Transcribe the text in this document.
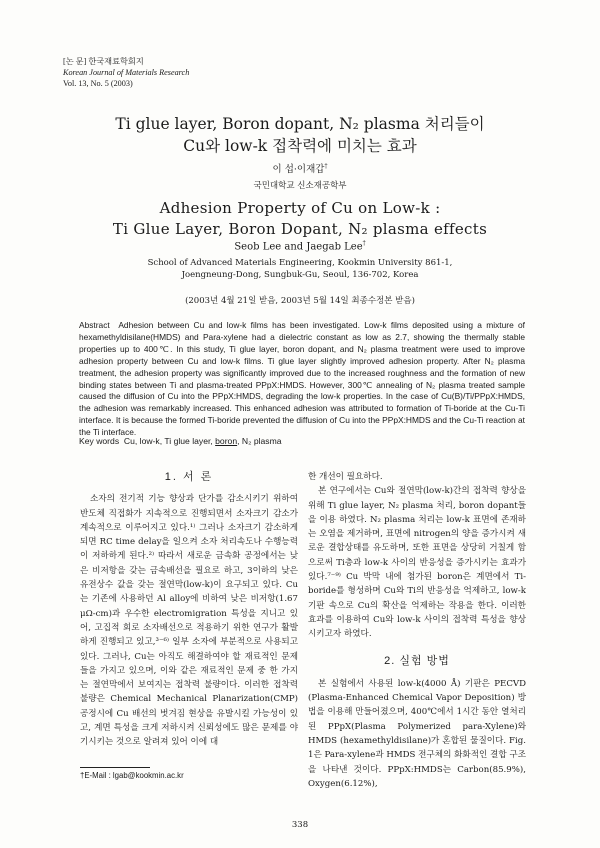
[논 문] 한국재료학회지
Korean Journal of Materials Research
Vol. 13, No. 5 (2003)
Ti glue layer, Boron dopant, N₂ plasma 처리들이
Cu와 low-k 접착력에 미치는 효과
이 섭·이재갑†
국민대학교 신소재공학부
Adhesion Property of Cu on Low-k :
Ti Glue Layer, Boron Dopant, N₂ plasma effects
Seob Lee and Jaegab Lee†
School of Advanced Materials Engineering, Kookmin University 861-1,
Joengneung-Dong, Sungbuk-Gu, Seoul, 136-702, Korea
(2003년 4월 21일 받음, 2003년 5월 14일 최종수정본 받음)
Abstract Adhesion between Cu and low-k films has been investigated. Low-k films deposited using a mixture of hexamethyldisilane(HMDS) and Para-xylene had a dielectric constant as low as 2.7, showing the thermally stable properties up to 400℃. In this study, Ti glue layer, boron dopant, and N₂ plasma treatment were used to improve adhesion property between Cu and low-k films. Ti glue layer slightly improved adhesion property. After N₂ plasma treatment, the adhesion property was significantly improved due to the increased roughness and the formation of new binding states between Ti and plasma-treated PPpX:HMDS. However, 300℃ annealing of N₂ plasma treated sample caused the diffusion of Cu into the PPpX:HMDS, degrading the low-k properties. In the case of Cu(B)/Ti/PPpX:HMDS, the adhesion was remarkably increased. This enhanced adhesion was attributed to formation of Ti-boride at the Cu-Ti interface. It is because the formed Ti-boride prevented the diffusion of Cu into the PPpX:HMDS and the Cu-Ti reaction at the Ti interface.
Key words Cu, low-k, Ti glue layer, boron, N₂ plasma
1. 서 론

소자의 전기적 기능 향상과 단가를 감소시키기 위하여 반도체 직접화가 지속적으로 진행되면서 소자크기 감소가 계속적으로 이루어지고 있다.¹⁾ 그러나 소자크기 감소하게 되면 RC time delay을 일으켜 소자 처리속도나 수행능력이 저하하게 된다.²⁾ 따라서 새로운 금속화 공정에서는 낮은 비저항을 갖는 금속배선을 필요로 하고, 3이하의 낮은 유전상수 값을 갖는 절연막(low-k)이 요구되고 있다. Cu는 기존에 사용하던 Al alloy에 비하여 낮은 비저항(1.67 μΩ-cm)과 우수한 electromigration 특성을 지니고 있어, 고집적 회로 소자배선으로 적용하기 위한 연구가 활발하게 진행되고 있고,³⁻⁶⁾ 일부 소자에 부분적으로 사용되고 있다. 그러나, Cu는 아직도 해결하여야 할 재료적인 문제들을 가지고 있으며, 이와 같은 재료적인 문제 중 한 가지는 절연막에서 보여지는 접착력 불량이다. 이러한 접착력 불량은 Chemical Mechanical Planarization(CMP) 공정시에 Cu 배선의 벗겨짐 현상을 유발시킬 가능성이 있고, 계면 특성을 크게 저하시켜 신뢰성에도 많은 문제를 야기시키는 것으로 알려져 있어 이에 대

한 개선이 필요하다.

본 연구에서는 Cu와 절연막(low-k)간의 접착력 향상을 위해 Ti glue layer, N₂ plasma 처리, boron dopant들을 이용 하였다. N₂ plasma 처리는 low-k 표면에 존재하는 오염을 제거하며, 표면에 nitrogen의 양을 증가시켜 새로운 결합상태를 유도하며, 또한 표면을 상당히 거칠게 함으로써 Ti층과 low-k 사이의 반응성을 증가시키는 효과가 있다.⁷⁻⁹⁾ Cu 박막 내에 첨가된 boron은 계면에서 Ti-boride를 형성하며 Cu와 Ti의 반응성을 억제하고, low-k 기판 속으로 Cu의 확산을 억제하는 작용을 한다. 이러한 효과를 이용하여 Cu와 low-k 사이의 접착력 특성을 향상 시키고자 하였다.

2. 실험 방법

본 실험에서 사용된 low-k(4000 Å) 기판은 PECVD (Plasma-Enhanced Chemical Vapor Deposition) 방법을 이용해 만들어졌으며, 400℃에서 1시간 동안 열처리 된 PPpX(Plasma Polymerized para-Xylene)와 HMDS (hexamethyldisilane)가 혼합된 물질이다. Fig. 1은 Para-xylene과 HMDS 전구체의 화화적인 결합 구조을 나타낸 것이다. PPpX:HMDS는 Carbon(85.9%), Oxygen(6.12%),

†E-Mail : lgab@kookmin.ac.kr
338
